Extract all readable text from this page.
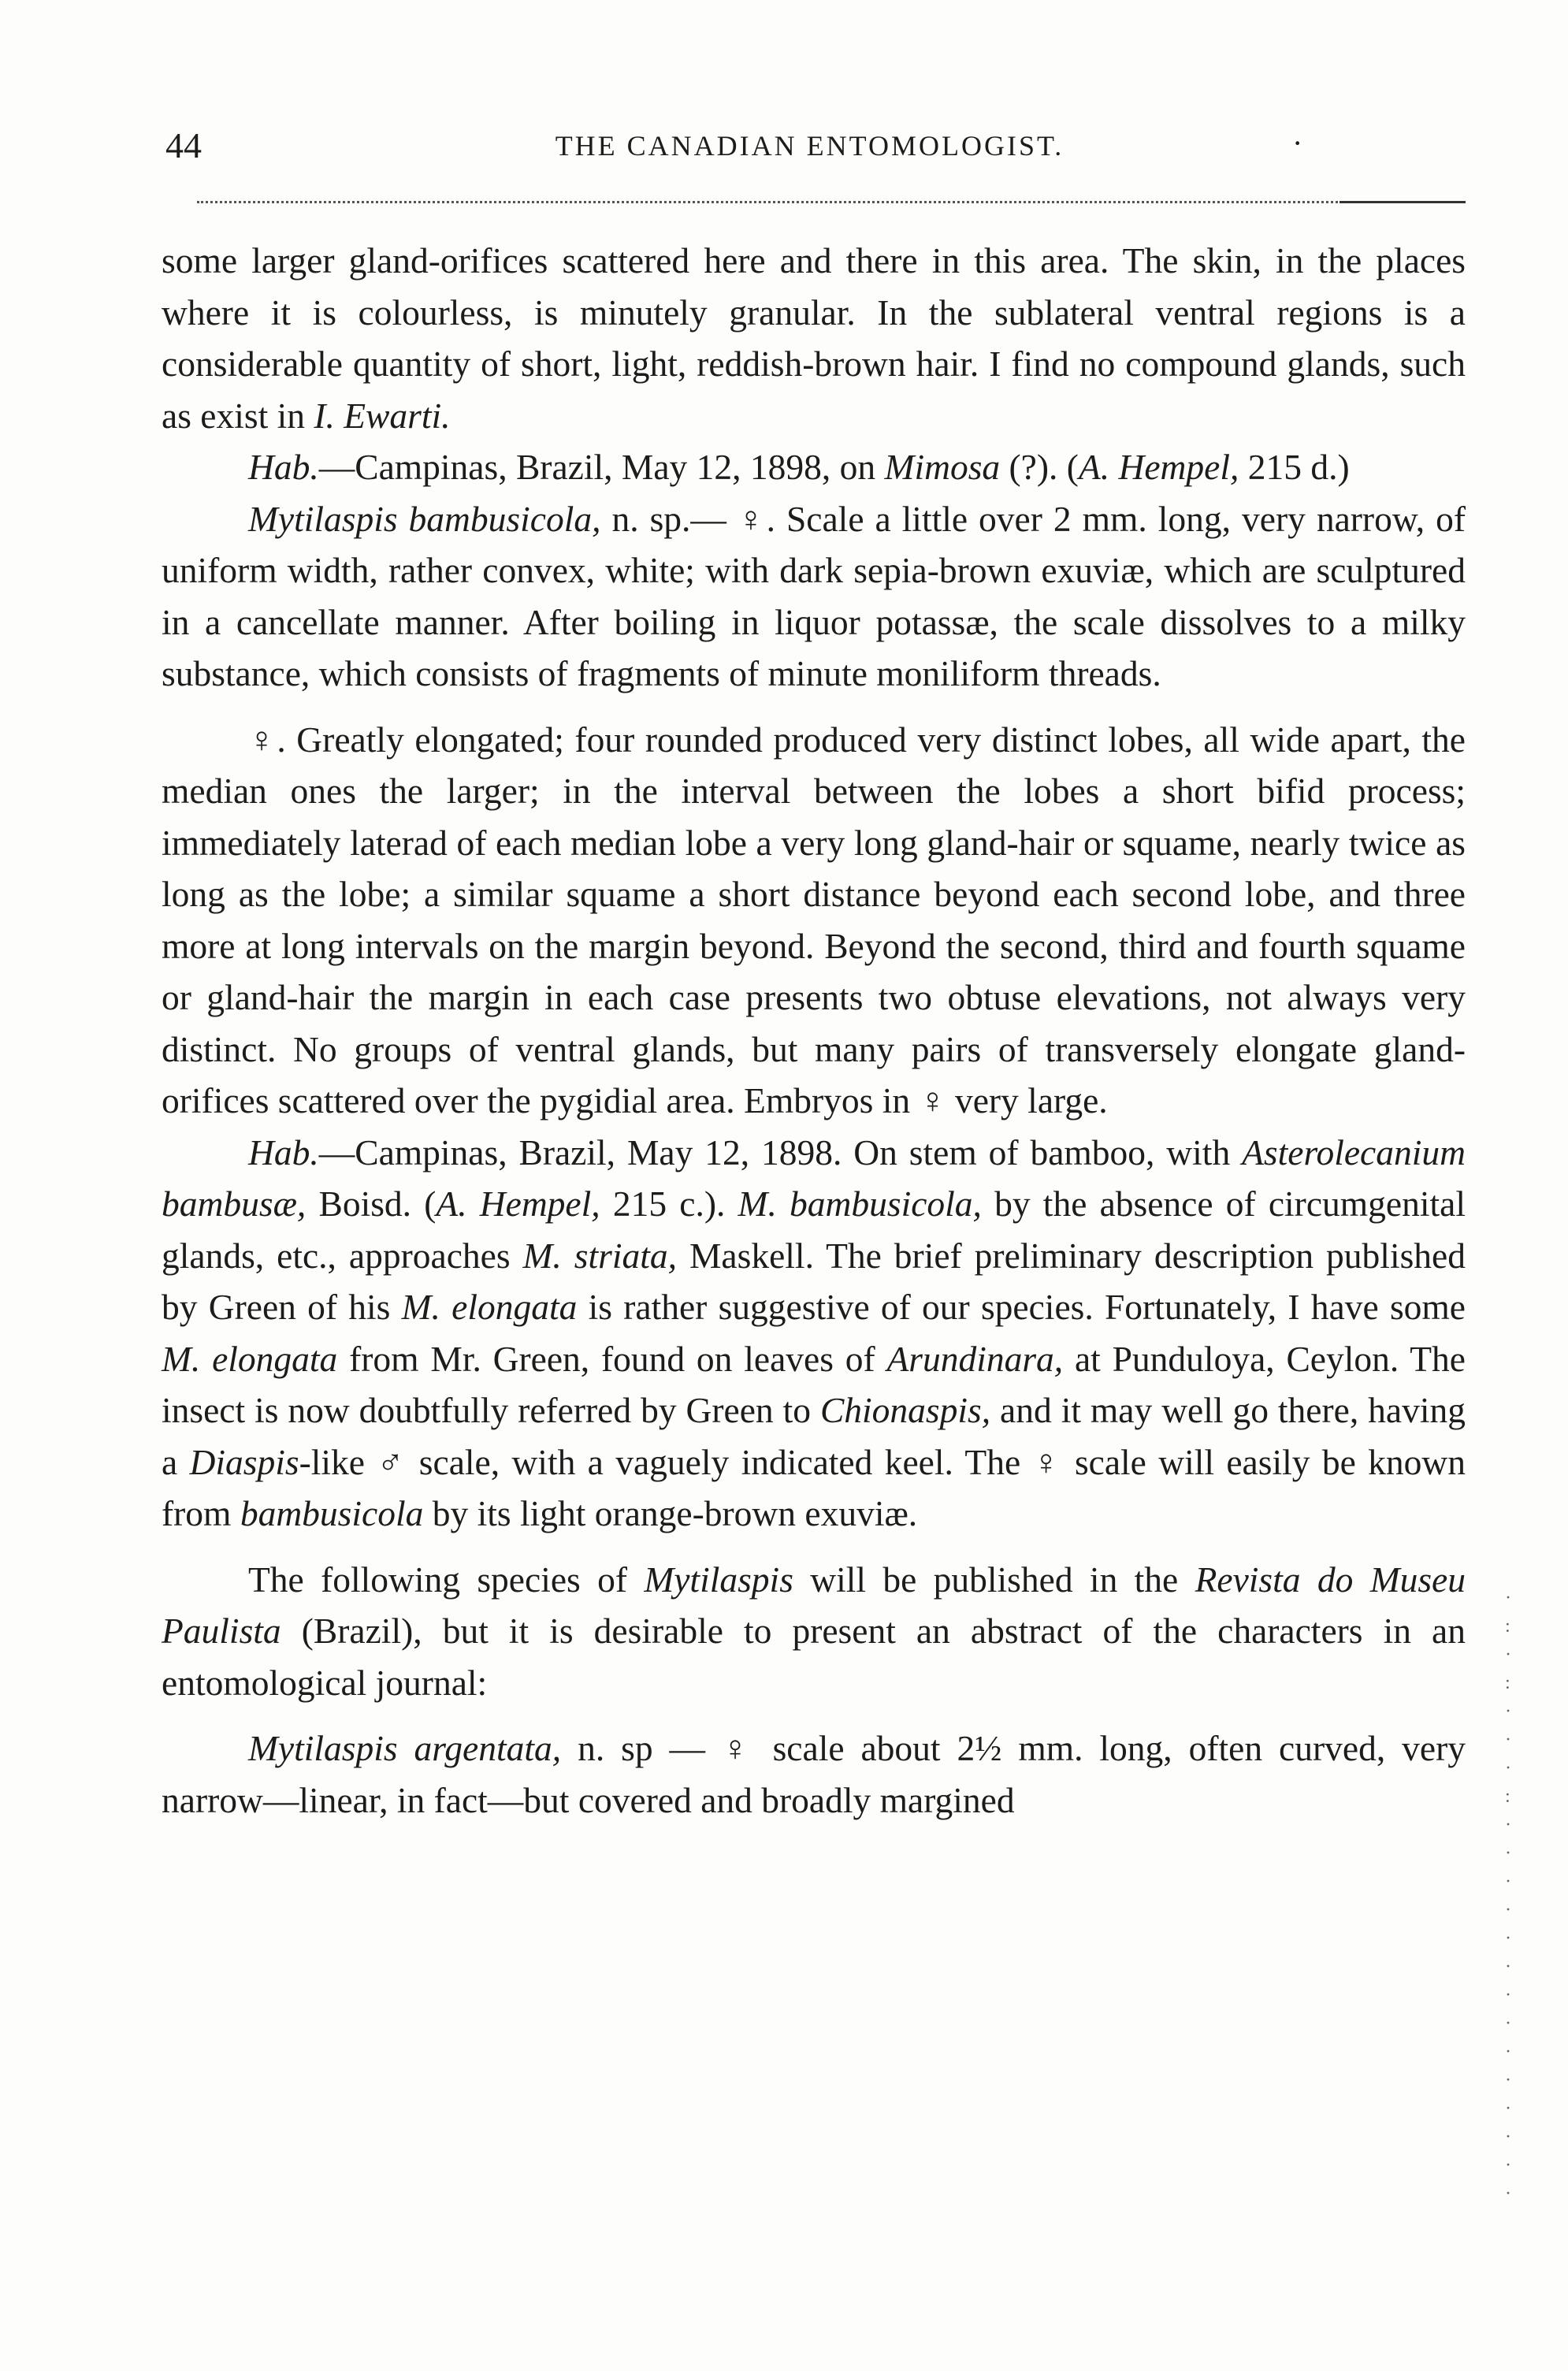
44	THE CANADIAN ENTOMOLOGIST.	·

some larger gland-orifices scattered here and there in this area. The skin, in the places where it is colourless, is minutely granular. In the sublateral ventral regions is a considerable quantity of short, light, reddish-brown hair. I find no compound glands, such as exist in I. Ewarti.

Hab.—Campinas, Brazil, May 12, 1898, on Mimosa (?). (A. Hempel, 215 d.)

Mytilaspis bambusicola, n. sp.— ♀. Scale a little over 2 mm. long, very narrow, of uniform width, rather convex, white; with dark sepia-brown exuviæ, which are sculptured in a cancellate manner. After boiling in liquor potassæ, the scale dissolves to a milky substance, which consists of fragments of minute moniliform threads.

♀. Greatly elongated; four rounded produced very distinct lobes, all wide apart, the median ones the larger; in the interval between the lobes a short bifid process; immediately laterad of each median lobe a very long gland-hair or squame, nearly twice as long as the lobe; a similar squame a short distance beyond each second lobe, and three more at long intervals on the margin beyond. Beyond the second, third and fourth squame or gland-hair the margin in each case presents two obtuse elevations, not always very distinct. No groups of ventral glands, but many pairs of transversely elongate gland-orifices scattered over the pygidial area. Embryos in ♀ very large.

Hab.—Campinas, Brazil, May 12, 1898. On stem of bamboo, with Asterolecanium bambusæ, Boisd. (A. Hempel, 215 c.). M. bambusicola, by the absence of circumgenital glands, etc., approaches M. striata, Maskell. The brief preliminary description published by Green of his M. elongata is rather suggestive of our species. Fortunately, I have some M. elongata from Mr. Green, found on leaves of Arundinara, at Punduloya, Ceylon. The insect is now doubtfully referred by Green to Chionaspis, and it may well go there, having a Diaspis-like ♂ scale, with a vaguely indicated keel. The ♀ scale will easily be known from bambusicola by its light orange-brown exuviæ.

The following species of Mytilaspis will be published in the Revista do Museu Paulista (Brazil), but it is desirable to present an abstract of the characters in an entomological journal:

Mytilaspis argentata, n. sp — ♀ scale about 2½ mm. long, often curved, very narrow—linear, in fact—but covered and broadly margined

·
:
·
:
·
·
·
:
·
·
·
·
·
·
·
·
·
·
·
·
·
·
